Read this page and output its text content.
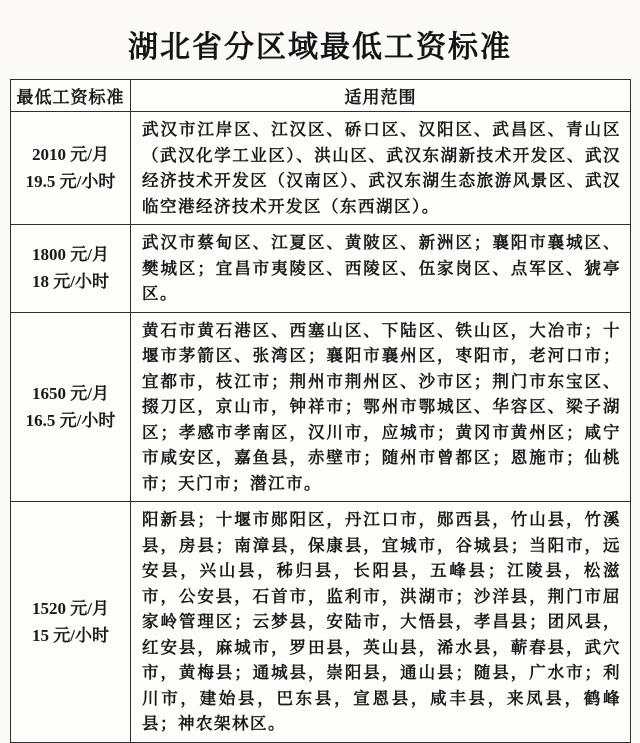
湖北省分区域最低工资标准
最低工资标准	适用范围

2010 元/月
19.5 元/小时	武汉市江岸区、江汉区、硚口区、汉阳区、武昌区、青山区（武汉化学工业区）、洪山区、武汉东湖新技术开发区、武汉经济技术开发区（汉南区）、武汉东湖生态旅游风景区、武汉临空港经济技术开发区（东西湖区）。

1800 元/月
18 元/小时	武汉市蔡甸区、江夏区、黄陂区、新洲区；襄阳市襄城区、樊城区；宜昌市夷陵区、西陵区、伍家岗区、点军区、猇亭区。

1650 元/月
16.5 元/小时	黄石市黄石港区、西塞山区、下陆区、铁山区，大冶市；十堰市茅箭区、张湾区；襄阳市襄州区，枣阳市，老河口市；宜都市，枝江市；荆州市荆州区、沙市区；荆门市东宝区、掇刀区，京山市，钟祥市；鄂州市鄂城区、华容区、梁子湖区；孝感市孝南区，汉川市，应城市；黄冈市黄州区；咸宁市咸安区，嘉鱼县，赤壁市；随州市曾都区；恩施市；仙桃市；天门市；潜江市。

1520 元/月
15 元/小时	阳新县；十堰市郧阳区，丹江口市，郧西县，竹山县，竹溪县，房县；南漳县，保康县，宜城市，谷城县；当阳市，远安县，兴山县，秭归县，长阳县，五峰县；江陵县，松滋市，公安县，石首市，监利市，洪湖市；沙洋县，荆门市屈家岭管理区；云梦县，安陆市，大悟县，孝昌县；团风县，红安县，麻城市，罗田县，英山县，浠水县，蕲春县，武穴市，黄梅县；通城县，崇阳县，通山县；随县，广水市；利川市，建始县，巴东县，宣恩县，咸丰县，来凤县，鹤峰县；神农架林区。
